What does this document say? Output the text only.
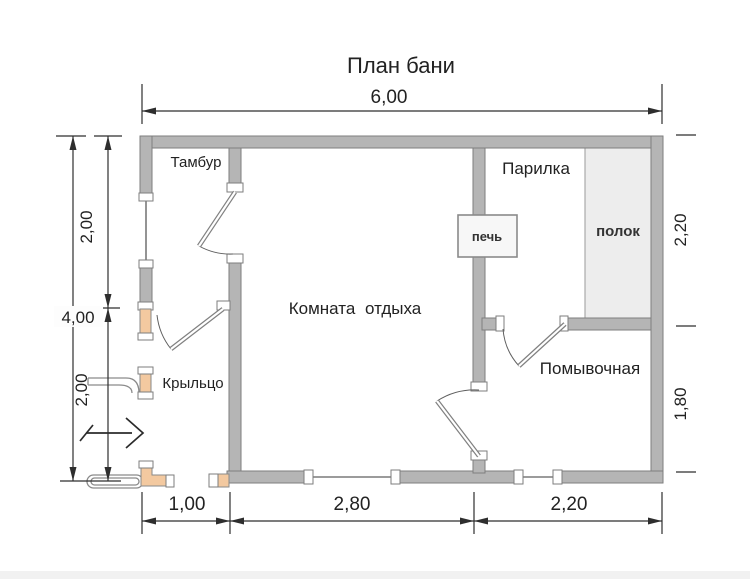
6,00
2,00
4,00
2,00
2,20
1,80
1,00	2,80	2,20
План бани
Тамбур	Парилка
полок
печь
Комната отдыха
Помывочная
Крыльцо
